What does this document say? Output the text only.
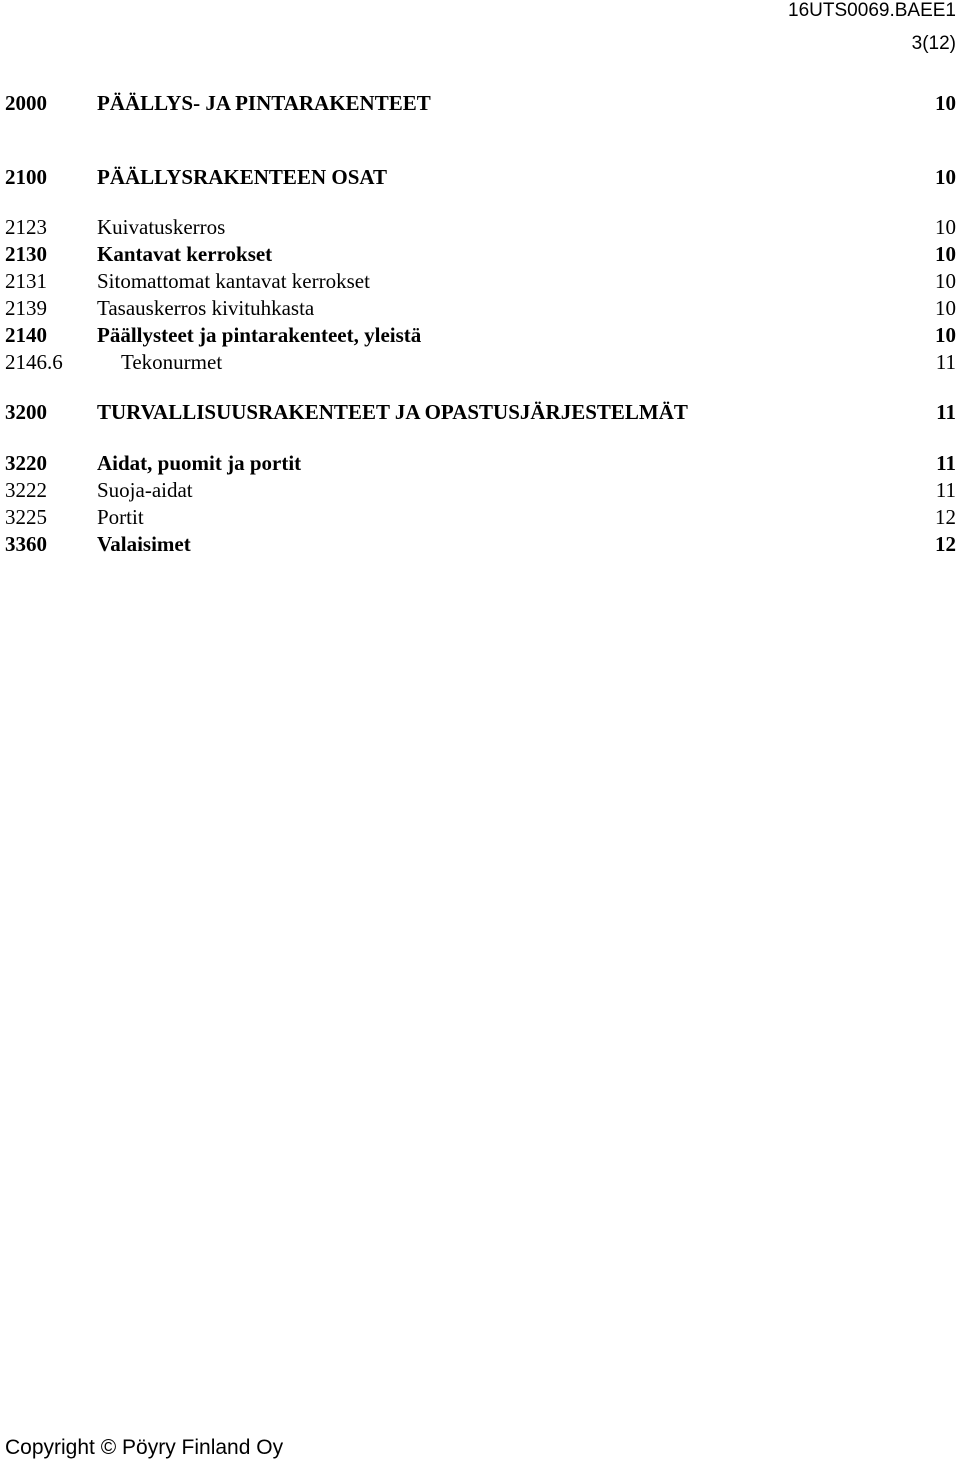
16UTS0069.BAEE1
3(12)
2000 PÄÄLLYS- JA PINTARAKENTEET	10
2100 PÄÄLLYSRAKENTEEN OSAT	10
2123 Kuivatuskerros	10
2130 Kantavat kerrokset	10
2131 Sitomattomat kantavat kerrokset	10
2139 Tasauskerros kivituhkasta	10
2140 Päällysteet ja pintarakenteet, yleistä	10
2146.6	Tekonurmet	11
3200 TURVALLISUUSRAKENTEET JA OPASTUSJÄRJESTELMÄT	11
3220 Aidat, puomit ja portit	11
3222 Suoja-aidat	11
3225 Portit	12
3360 Valaisimet	12
Copyright © Pöyry Finland Oy
